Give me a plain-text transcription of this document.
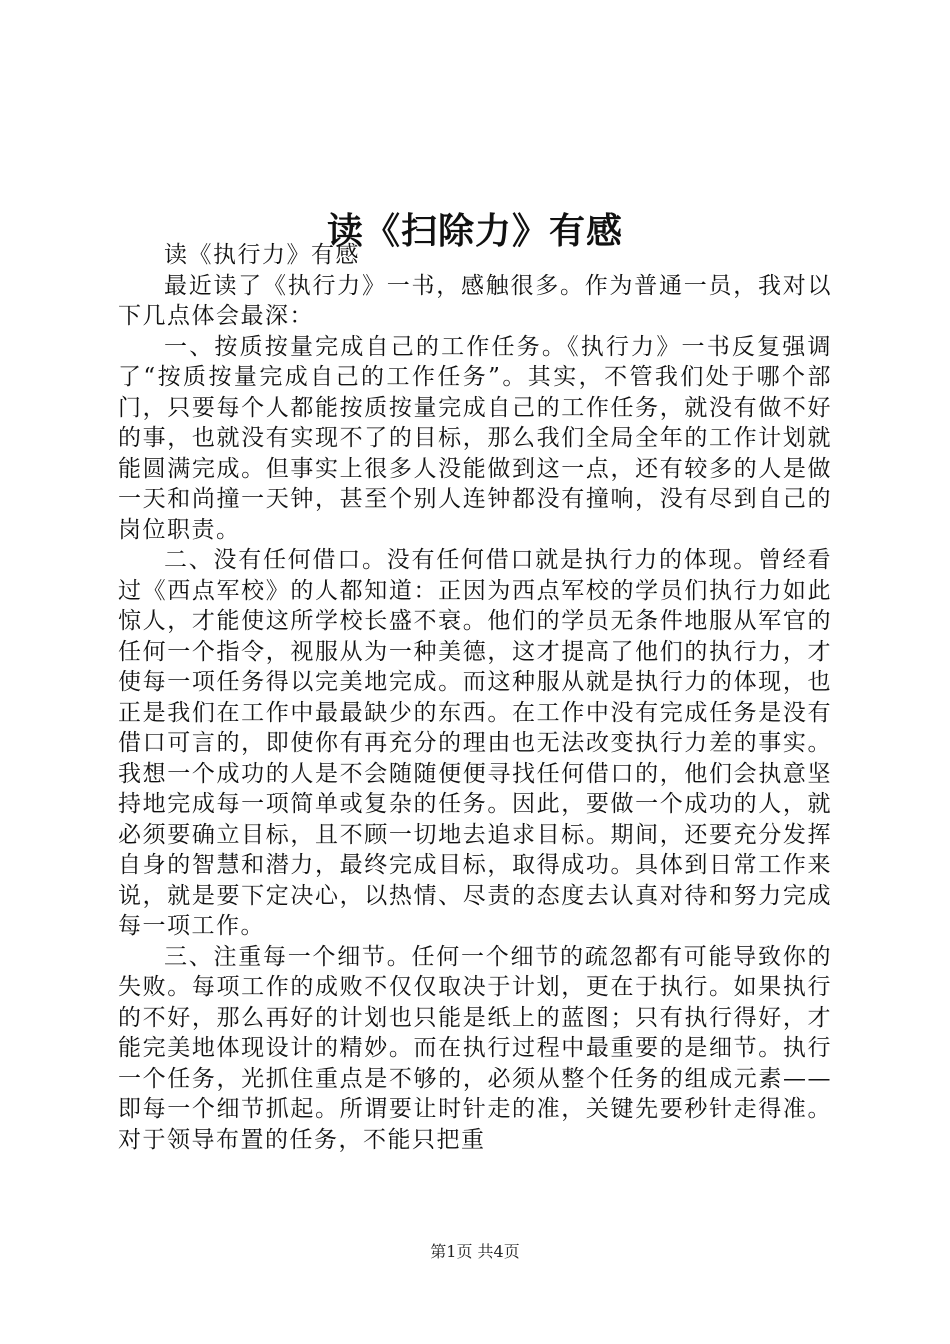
读《扫除力》有感

读《执行力》有感

最近读了《执行力》一书，感触很多。作为普通一员，我对以下几点体会最深：

一、按质按量完成自己的工作任务。《执行力》一书反复强调了“按质按量完成自己的工作任务”。其实，不管我们处于哪个部门，只要每个人都能按质按量完成自己的工作任务，就没有做不好的事，也就没有实现不了的目标，那么我们全局全年的工作计划就能圆满完成。但事实上很多人没能做到这一点，还有较多的人是做一天和尚撞一天钟，甚至个别人连钟都没有撞响，没有尽到自己的岗位职责。

二、没有任何借口。没有任何借口就是执行力的体现。曾经看过《西点军校》的人都知道：正因为西点军校的学员们执行力如此惊人，才能使这所学校长盛不衰。他们的学员无条件地服从军官的任何一个指令，视服从为一种美德，这才提高了他们的执行力，才使每一项任务得以完美地完成。而这种服从就是执行力的体现，也正是我们在工作中最最缺少的东西。在工作中没有完成任务是没有借口可言的，即使你有再充分的理由也无法改变执行力差的事实。我想一个成功的人是不会随随便便寻找任何借口的，他们会执意坚持地完成每一项简单或复杂的任务。因此，要做一个成功的人，就必须要确立目标，且不顾一切地去追求目标。期间，还要充分发挥自身的智慧和潜力，最终完成目标，取得成功。具体到日常工作来说，就是要下定决心，以热情、尽责的态度去认真对待和努力完成每一项工作。

三、注重每一个细节。任何一个细节的疏忽都有可能导致你的失败。每项工作的成败不仅仅取决于计划，更在于执行。如果执行的不好，那么再好的计划也只能是纸上的蓝图；只有执行得好，才能完美地体现设计的精妙。而在执行过程中最重要的是细节。执行一个任务，光抓住重点是不够的，必须从整个任务的组成元素——即每一个细节抓起。所谓要让时针走的准，关键先要秒针走得准。对于领导布置的任务，不能只把重

第1页 共4页
